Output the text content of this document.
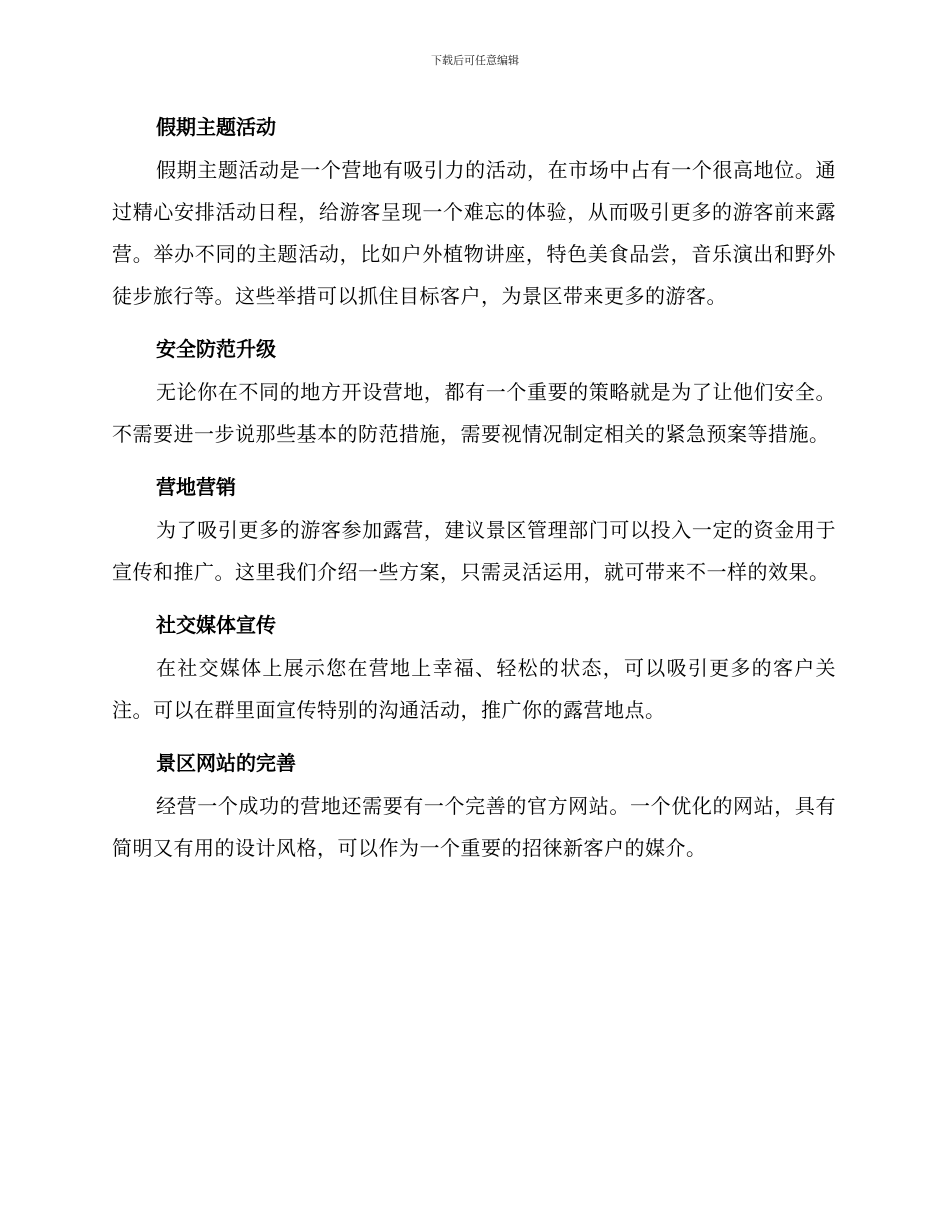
下载后可任意编辑
假期主题活动

假期主题活动是一个营地有吸引力的活动，在市场中占有一个很高地位。通过精心安排活动日程，给游客呈现一个难忘的体验，从而吸引更多的游客前来露营。举办不同的主题活动，比如户外植物讲座，特色美食品尝，音乐演出和野外徒步旅行等。这些举措可以抓住目标客户，为景区带来更多的游客。

安全防范升级

无论你在不同的地方开设营地，都有一个重要的策略就是为了让他们安全。不需要进一步说那些基本的防范措施，需要视情况制定相关的紧急预案等措施。

营地营销

为了吸引更多的游客参加露营，建议景区管理部门可以投入一定的资金用于宣传和推广。这里我们介绍一些方案，只需灵活运用，就可带来不一样的效果。

社交媒体宣传

在社交媒体上展示您在营地上幸福、轻松的状态，可以吸引更多的客户关注。可以在群里面宣传特别的沟通活动，推广你的露营地点。

景区网站的完善

经营一个成功的营地还需要有一个完善的官方网站。一个优化的网站，具有简明又有用的设计风格，可以作为一个重要的招徕新客户的媒介。
